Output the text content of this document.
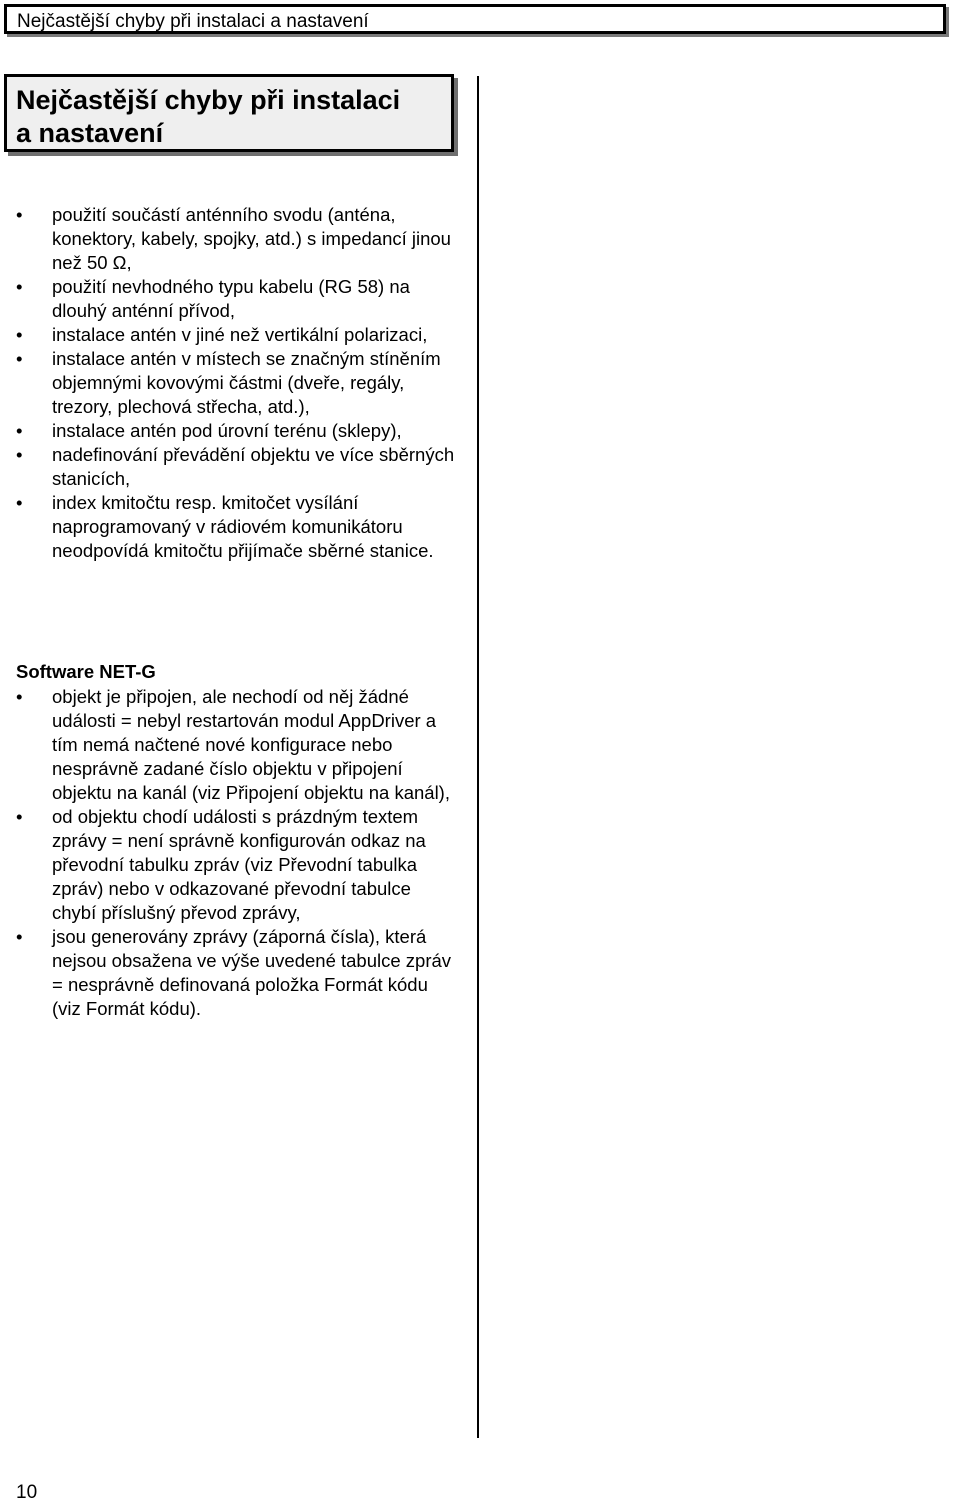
Nejčastější chyby při instalaci a nastavení
Nejčastější chyby při instalaci
a nastavení
•	použití součástí anténního svodu (anténa, konektory, kabely, spojky, atd.) s impedancí jinou než 50 Ω,
•	použití nevhodného typu kabelu (RG 58) na dlouhý anténní přívod,
•	instalace antén v jiné než vertikální polarizaci,
•	instalace antén v místech se značným stíněním objemnými kovovými částmi (dveře, regály, trezory, plechová střecha, atd.),
•	instalace antén pod úrovní terénu (sklepy),
•	nadefinování převádění objektu ve více sběrných stanicích,
•	index kmitočtu resp. kmitočet vysílání naprogramovaný v rádiovém komunikátoru neodpovídá kmitočtu přijímače sběrné stanice.
Software NET-G
•	objekt je připojen, ale nechodí od něj žádné události = nebyl restartován modul AppDriver a tím nemá načtené nové konfigurace nebo nesprávně zadané číslo objektu v připojení objektu na kanál (viz Připojení objektu na kanál),
•	od objektu chodí události s prázdným textem zprávy = není správně konfigurován odkaz na převodní tabulku zpráv (viz Převodní tabulka zpráv) nebo v odkazované převodní tabulce chybí příslušný převod zprávy,
•	jsou generovány zprávy (záporná čísla), která nejsou obsažena ve výše uvedené tabulce zpráv = nesprávně definovaná položka Formát kódu (viz Formát kódu).
10
